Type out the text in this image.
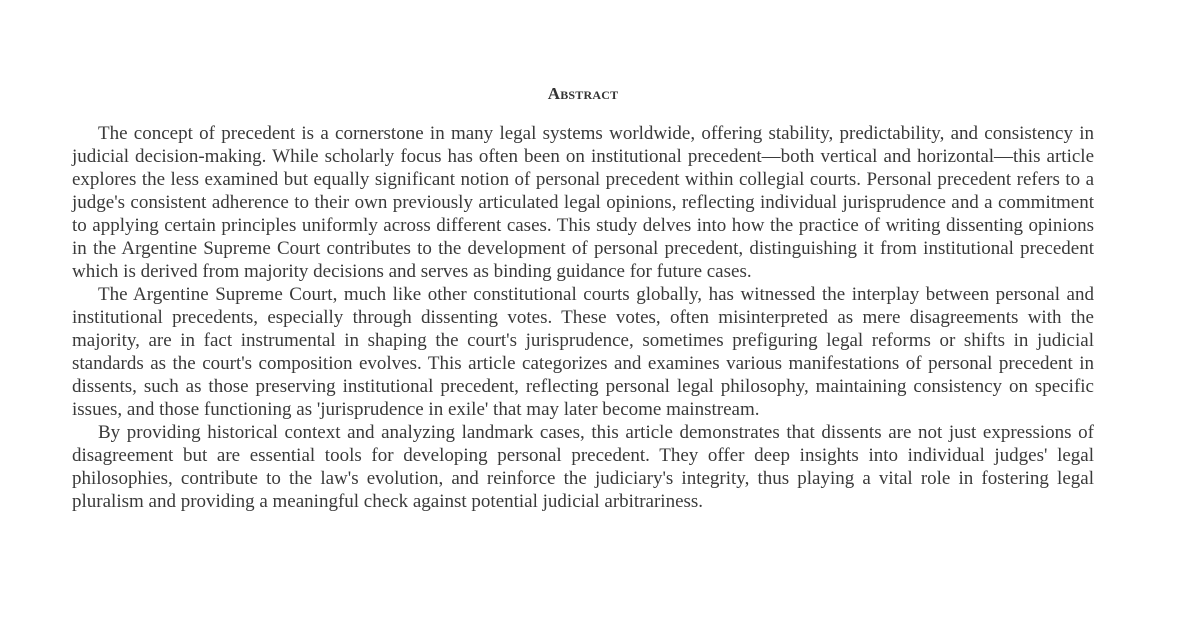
Abstract

The concept of precedent is a cornerstone in many legal systems worldwide, offering stability, predictability, and consistency in judicial decision-making. While scholarly focus has often been on institutional precedent—both vertical and horizontal—this article explores the less examined but equally significant notion of personal precedent within collegial courts. Personal precedent refers to a judge's consistent adherence to their own previously articulated legal opinions, reflecting individual jurisprudence and a commitment to applying certain principles uniformly across different cases. This study delves into how the practice of writing dissenting opinions in the Argentine Supreme Court contributes to the development of personal precedent, distinguishing it from institutional precedent which is derived from majority decisions and serves as binding guidance for future cases.

The Argentine Supreme Court, much like other constitutional courts globally, has witnessed the interplay between personal and institutional precedents, especially through dissenting votes. These votes, often misinterpreted as mere disagreements with the majority, are in fact instrumental in shaping the court's jurisprudence, sometimes prefiguring legal reforms or shifts in judicial standards as the court's composition evolves. This article categorizes and examines various manifestations of personal precedent in dissents, such as those preserving institutional precedent, reflecting personal legal philosophy, maintaining consistency on specific issues, and those functioning as 'jurisprudence in exile' that may later become mainstream.

By providing historical context and analyzing landmark cases, this article demonstrates that dissents are not just expressions of disagreement but are essential tools for developing personal precedent. They offer deep insights into individual judges' legal philosophies, contribute to the law's evolution, and reinforce the judiciary's integrity, thus playing a vital role in fostering legal pluralism and providing a meaningful check against potential judicial arbitrariness.
